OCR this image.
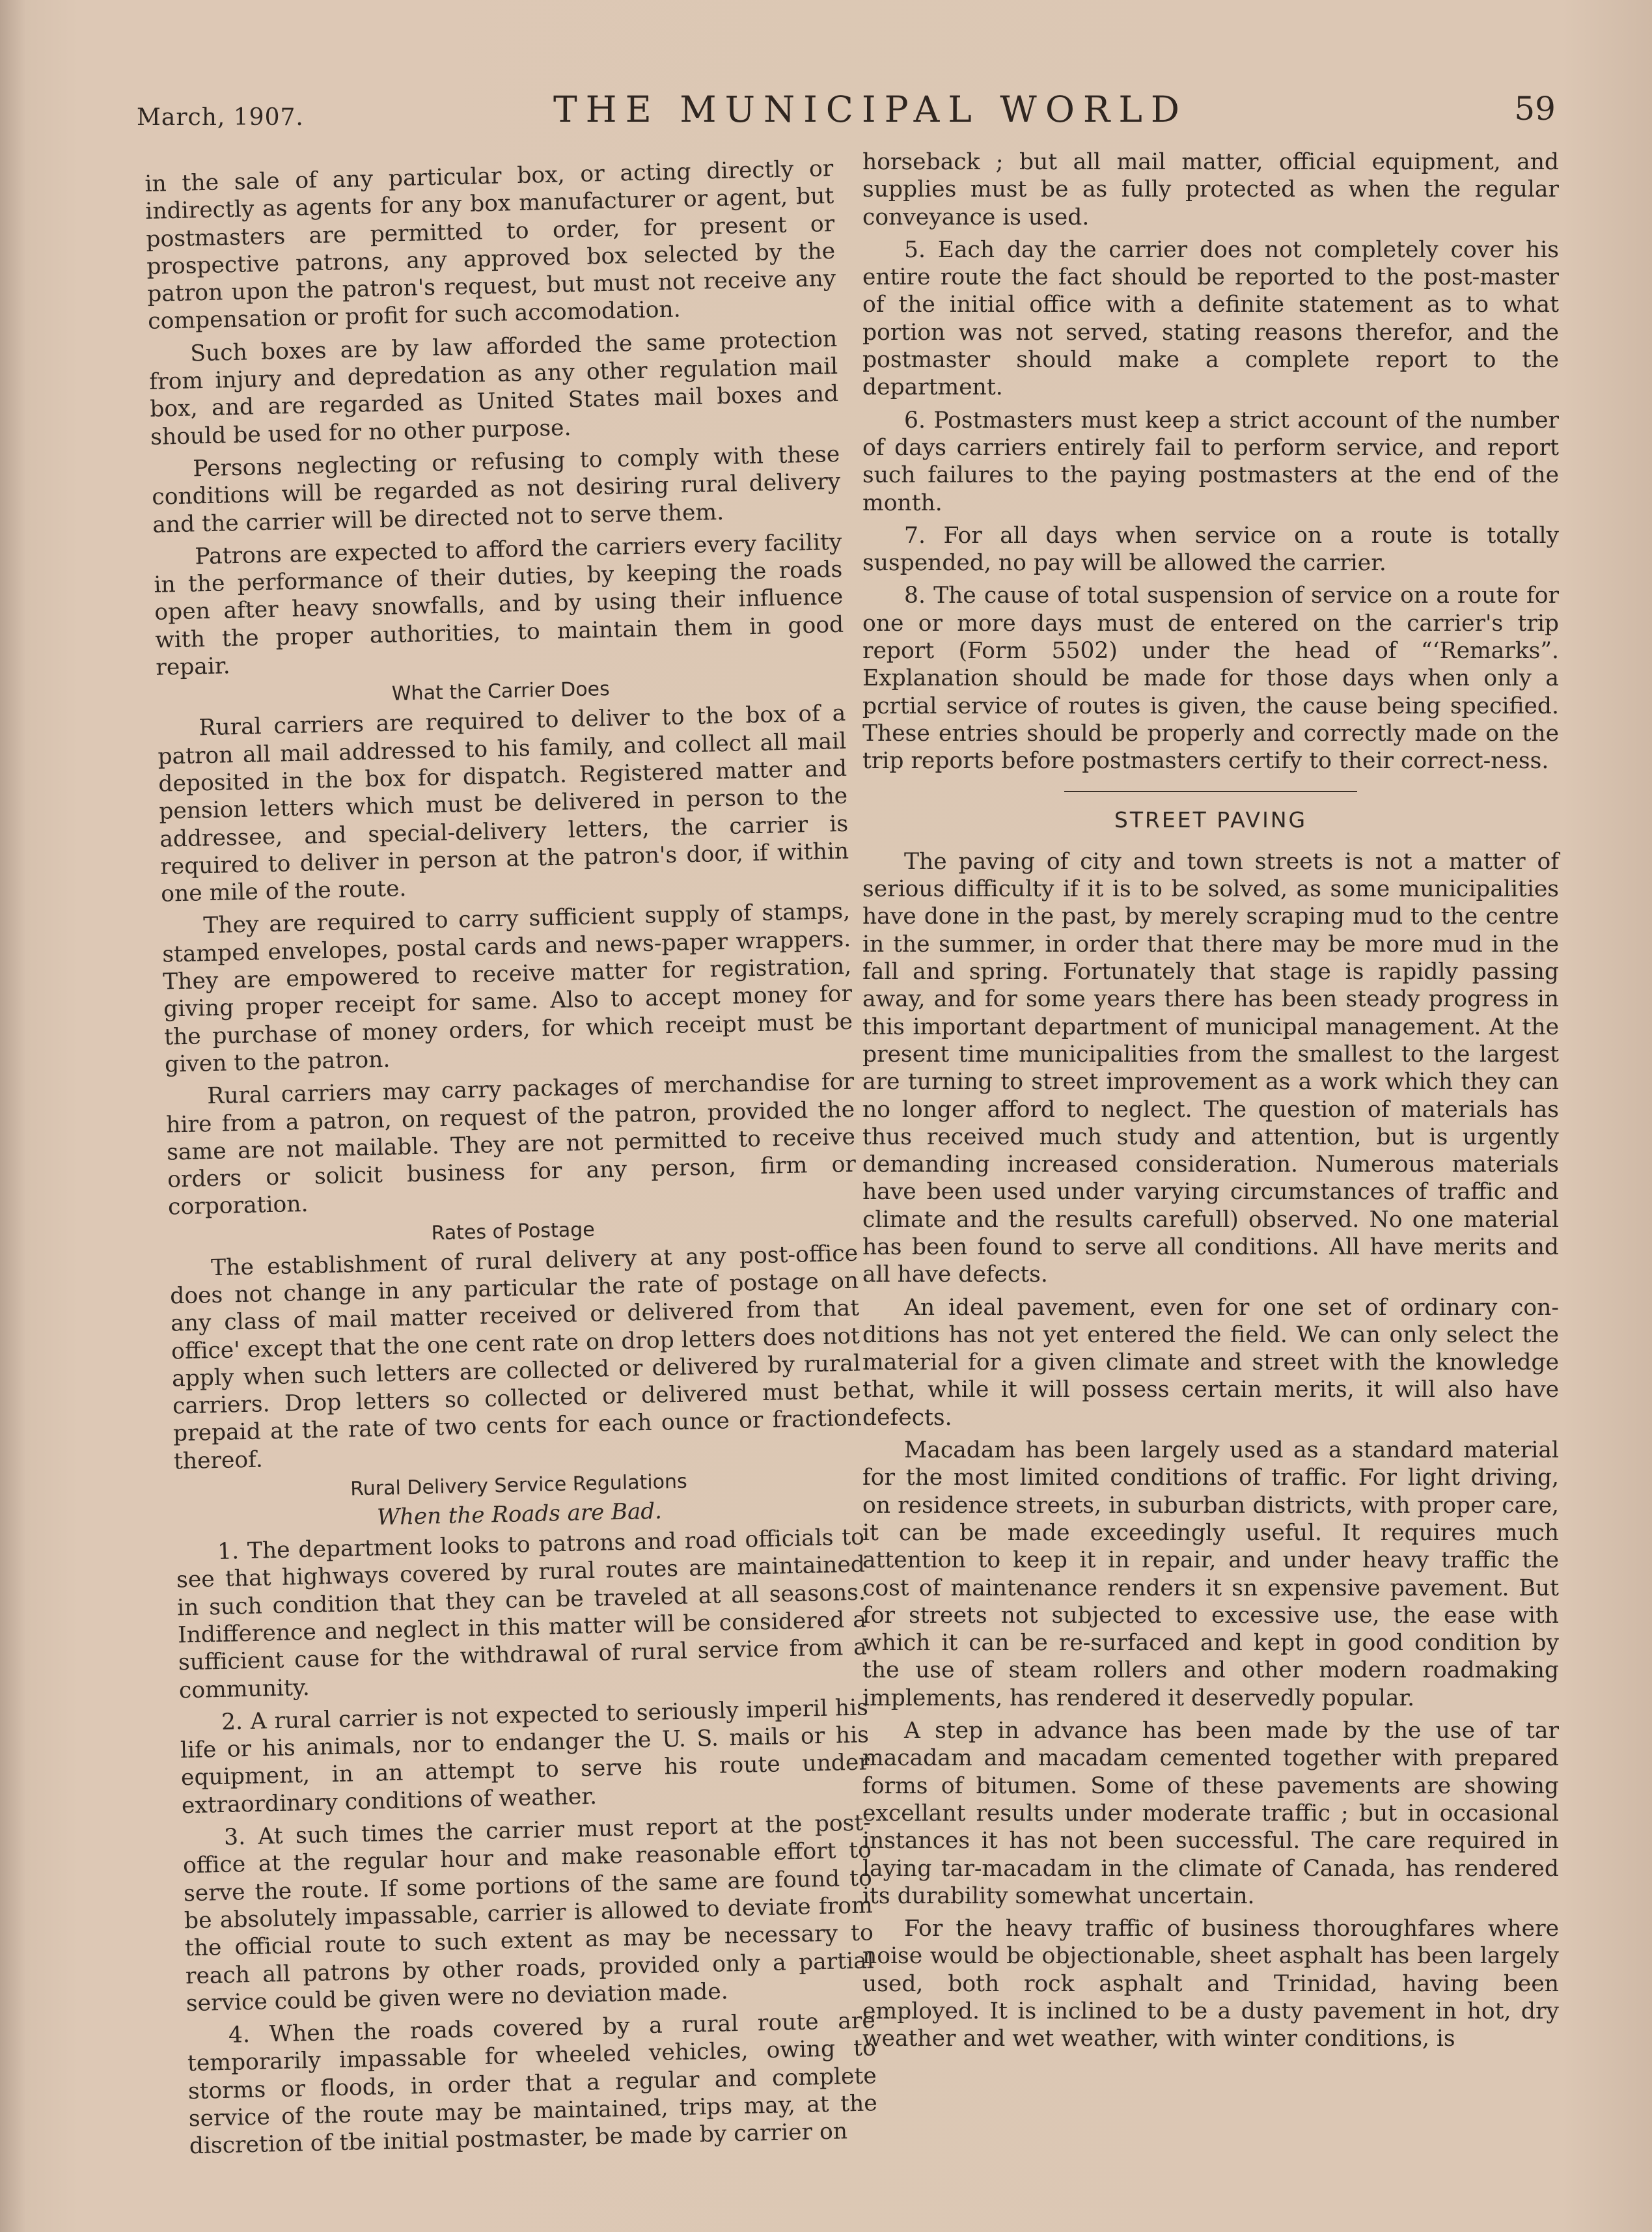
March, 1907.	THE MUNICIPAL WORLD	59

in the sale of any particular box, or acting directly or indirectly as agents for any box manufacturer or agent, but postmasters are permitted to order, for present or prospective patrons, any approved box selected by the patron upon the patron's request, but must not receive any compensation or profit for such accomodation.

Such boxes are by law afforded the same protection from injury and depredation as any other regulation mail box, and are regarded as United States mail boxes and should be used for no other purpose.

Persons neglecting or refusing to comply with these conditions will be regarded as not desiring rural delivery and the carrier will be directed not to serve them.

Patrons are expected to afford the carriers every facility in the performance of their duties, by keeping the roads open after heavy snowfalls, and by using their influence with the proper authorities, to maintain them in good repair.

What the Carrier Does

Rural carriers are required to deliver to the box of a patron all mail addressed to his family, and collect all mail deposited in the box for dispatch. Registered matter and pension letters which must be delivered in person to the addressee, and special-delivery letters, the carrier is required to deliver in person at the patron's door, if within one mile of the route.

They are required to carry sufficient supply of stamps, stamped envelopes, postal cards and news-paper wrappers. They are empowered to receive matter for registration, giving proper receipt for same. Also to accept money for the purchase of money orders, for which receipt must be given to the patron.

Rural carriers may carry packages of merchandise for hire from a patron, on request of the patron, provided the same are not mailable. They are not permitted to receive orders or solicit business for any person, firm or corporation.

Rates of Postage

The establishment of rural delivery at any post-office does not change in any particular the rate of postage on any class of mail matter received or delivered from that office' except that the one cent rate on drop letters does not apply when such letters are collected or delivered by rural carriers. Drop letters so collected or delivered must be prepaid at the rate of two cents for each ounce or fraction thereof.

Rural Delivery Service Regulations
When the Roads are Bad.

1. The department looks to patrons and road officials to see that highways covered by rural routes are maintained in such condition that they can be traveled at all seasons. Indifference and neglect in this matter will be considered a sufficient cause for the withdrawal of rural service from a community.

2. A rural carrier is not expected to seriously imperil his life or his animals, nor to endanger the U. S. mails or his equipment, in an attempt to serve his route under extraordinary conditions of weather.

3. At such times the carrier must report at the post-office at the regular hour and make reasonable effort to serve the route. If some portions of the same are found to be absolutely impassable, carrier is allowed to deviate from the official route to such extent as may be necessary to reach all patrons by other roads, provided only a partial service could be given were no deviation made.

4. When the roads covered by a rural route are temporarily impassable for wheeled vehicles, owing to storms or floods, in order that a regular and complete service of the route may be maintained, trips may, at the discretion of tbe initial postmaster, be made by carrier on

horseback ; but all mail matter, official equipment, and supplies must be as fully protected as when the regular conveyance is used.

5. Each day the carrier does not completely cover his entire route the fact should be reported to the post-master of the initial office with a definite statement as to what portion was not served, stating reasons therefor, and the postmaster should make a complete report to the department.

6. Postmasters must keep a strict account of the number of days carriers entirely fail to perform service, and report such failures to the paying postmasters at the end of the month.

7. For all days when service on a route is totally suspended, no pay will be allowed the carrier.

8. The cause of total suspension of service on a route for one or more days must de entered on the carrier's trip report (Form 5502) under the head of “‘Remarks”. Explanation should be made for those days when only a pcrtial service of routes is given, the cause being specified. These entries should be properly and correctly made on the trip reports before postmasters certify to their correct-ness.

STREET PAVING

The paving of city and town streets is not a matter of serious difficulty if it is to be solved, as some municipalities have done in the past, by merely scraping mud to the centre in the summer, in order that there may be more mud in the fall and spring. Fortunately that stage is rapidly passing away, and for some years there has been steady progress in this important department of municipal management. At the present time municipalities from the smallest to the largest are turning to street improvement as a work which they can no longer afford to neglect. The question of materials has thus received much study and attention, but is urgently demanding increased consideration. Numerous materials have been used under varying circumstances of traffic and climate and the results carefull) observed. No one material has been found to serve all conditions. All have merits and all have defects.

An ideal pavement, even for one set of ordinary con-ditions has not yet entered the field. We can only select the material for a given climate and street with the knowledge that, while it will possess certain merits, it will also have defects.

Macadam has been largely used as a standard material for the most limited conditions of traffic. For light driving, on residence streets, in suburban districts, with proper care, it can be made exceedingly useful. It requires much attention to keep it in repair, and under heavy traffic the cost of maintenance renders it sn expensive pavement. But for streets not subjected to excessive use, the ease with which it can be re-surfaced and kept in good condition by the use of steam rollers and other modern roadmaking implements, has rendered it deservedly popular.

A step in advance has been made by the use of tar macadam and macadam cemented together with prepared forms of bitumen. Some of these pavements are showing excellant results under moderate traffic ; but in occasional instances it has not been successful. The care required in laying tar-macadam in the climate of Canada, has rendered its durability somewhat uncertain.

For the heavy traffic of business thoroughfares where noise would be objectionable, sheet asphalt has been largely used, both rock asphalt and Trinidad, having been employed. It is inclined to be a dusty pavement in hot, dry weather and wet weather, with winter conditions, is
